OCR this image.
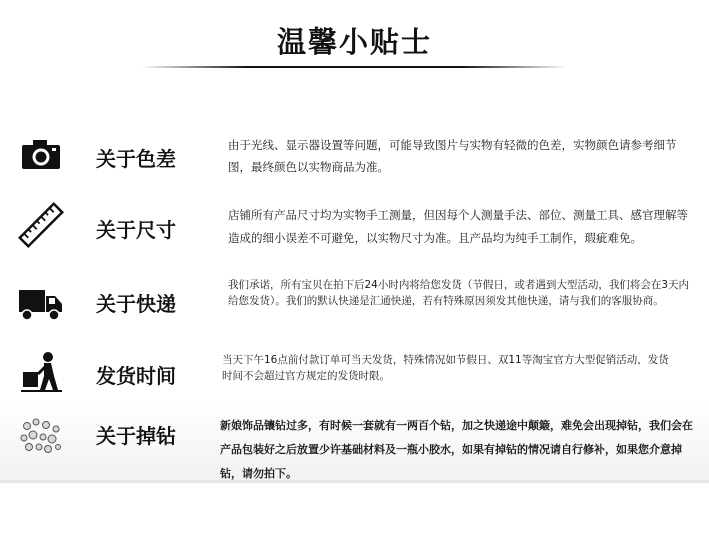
温馨小贴士
关于色差
由于光线、显示器设置等问题，可能导致图片与实物有轻微的色差，实物颜色请参考细节图，最终颜色以实物商品为准。
关于尺寸
店铺所有产品尺寸均为实物手工测量，但因每个人测量手法、部位、测量工具、感官理解等造成的细小误差不可避免，以实物尺寸为准。且产品均为纯手工制作，瑕疵难免。
关于快递
我们承诺，所有宝贝在拍下后24小时内将给您发货（节假日，或者遇到大型活动，我们将会在3天内给您发货）。我们的默认快递是汇通快递，若有特殊原因须发其他快递，请与我们的客服协商。
发货时间
当天下午16点前付款订单可当天发货，特殊情况如节假日、双11等淘宝官方大型促销活动，发货时间不会超过官方规定的发货时限。
关于掉钻	新娘饰品镶钻过多，有时候一套就有一两百个钻，加之快递途中颠簸，难免会出现掉钻，我们会在产品包装好之后放置少许基础材料及一瓶小胶水，如果有掉钻的情况请自行修补，如果您介意掉钻，请勿拍下。
